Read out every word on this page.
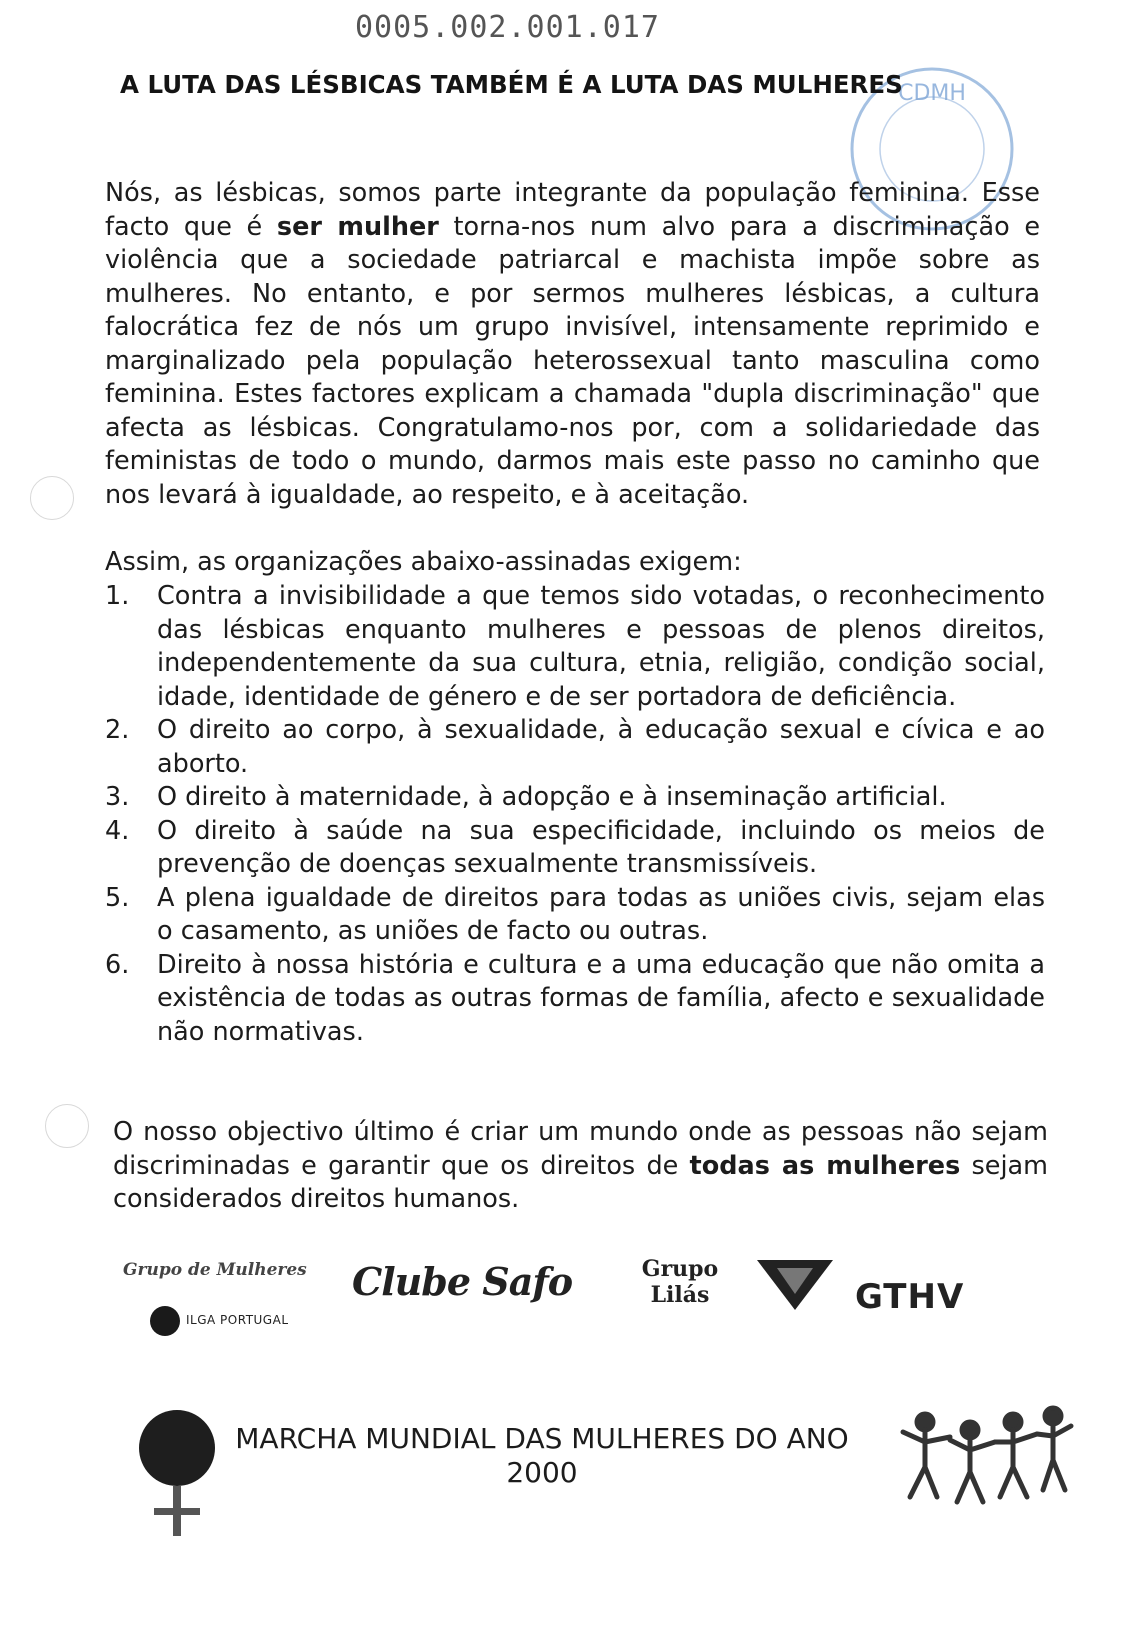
0005.002.001.017
CDMH
A LUTA DAS LÉSBICAS TAMBÉM É A LUTA DAS MULHERES

Nós, as lésbicas, somos parte integrante da população feminina. Esse facto que é ser mulher torna-nos num alvo para a discriminação e violência que a sociedade patriarcal e machista impõe sobre as mulheres. No entanto, e por sermos mulheres lésbicas, a cultura falocrática fez de nós um grupo invisível, intensamente reprimido e marginalizado pela população heterossexual tanto masculina como feminina. Estes factores explicam a chamada "dupla discriminação" que afecta as lésbicas. Congratulamo-nos por, com a solidariedade das feministas de todo o mundo, darmos mais este passo no caminho que nos levará à igualdade, ao respeito, e à aceitação.

Assim, as organizações abaixo-assinadas exigem:

1. Contra a invisibilidade a que temos sido votadas, o reconhecimento das lésbicas enquanto mulheres e pessoas de plenos direitos, independentemente da sua cultura, etnia, religião, condição social, idade, identidade de género e de ser portadora de deficiência.
2. O direito ao corpo, à sexualidade, à educação sexual e cívica e ao aborto.
3. O direito à maternidade, à adopção e à inseminação artificial.
4. O direito à saúde na sua especificidade, incluindo os meios de prevenção de doenças sexualmente transmissíveis.
5. A plena igualdade de direitos para todas as uniões civis, sejam elas o casamento, as uniões de facto ou outras.
6. Direito à nossa história e cultura e a uma educação que não omita a existência de todas as outras formas de família, afecto e sexualidade não normativas.

O nosso objectivo último é criar um mundo onde as pessoas não sejam discriminadas e garantir que os direitos de todas as mulheres sejam considerados direitos humanos.

Grupo de Mulheres
ILGA PORTUGAL
Clube Safo	Grupo
Lilás	GTHV
MARCHA MUNDIAL DAS MULHERES DO ANO
2000
